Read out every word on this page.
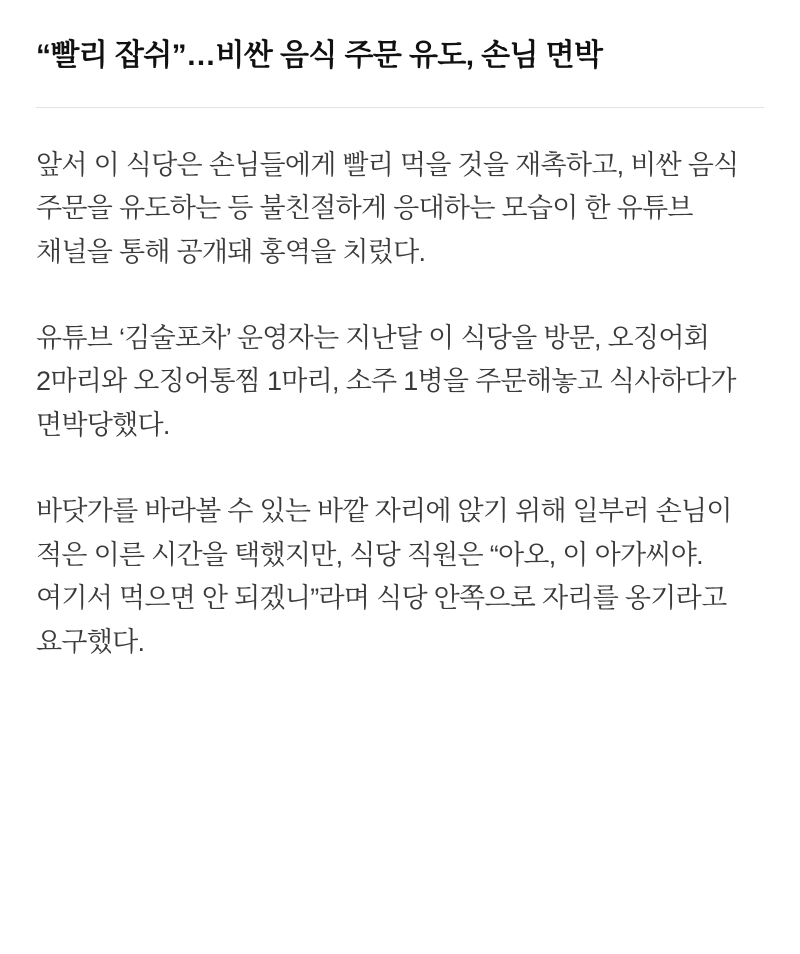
“빨리 잡쉬”…비싼 음식 주문 유도, 손님 면박

앞서 이 식당은 손님들에게 빨리 먹을 것을 재촉하고, 비싼 음식 주문을 유도하는 등 불친절하게 응대하는 모습이 한 유튜브 채널을 통해 공개돼 홍역을 치렀다.

유튜브 ‘김술포차’ 운영자는 지난달 이 식당을 방문, 오징어회 2마리와 오징어통찜 1마리, 소주 1병을 주문해놓고 식사하다가 면박당했다.

바닷가를 바라볼 수 있는 바깥 자리에 앉기 위해 일부러 손님이 적은 이른 시간을 택했지만, 식당 직원은 “아오, 이 아가씨야. 여기서 먹으면 안 되겠니”라며 식당 안쪽으로 자리를 옹기라고 요구했다.
